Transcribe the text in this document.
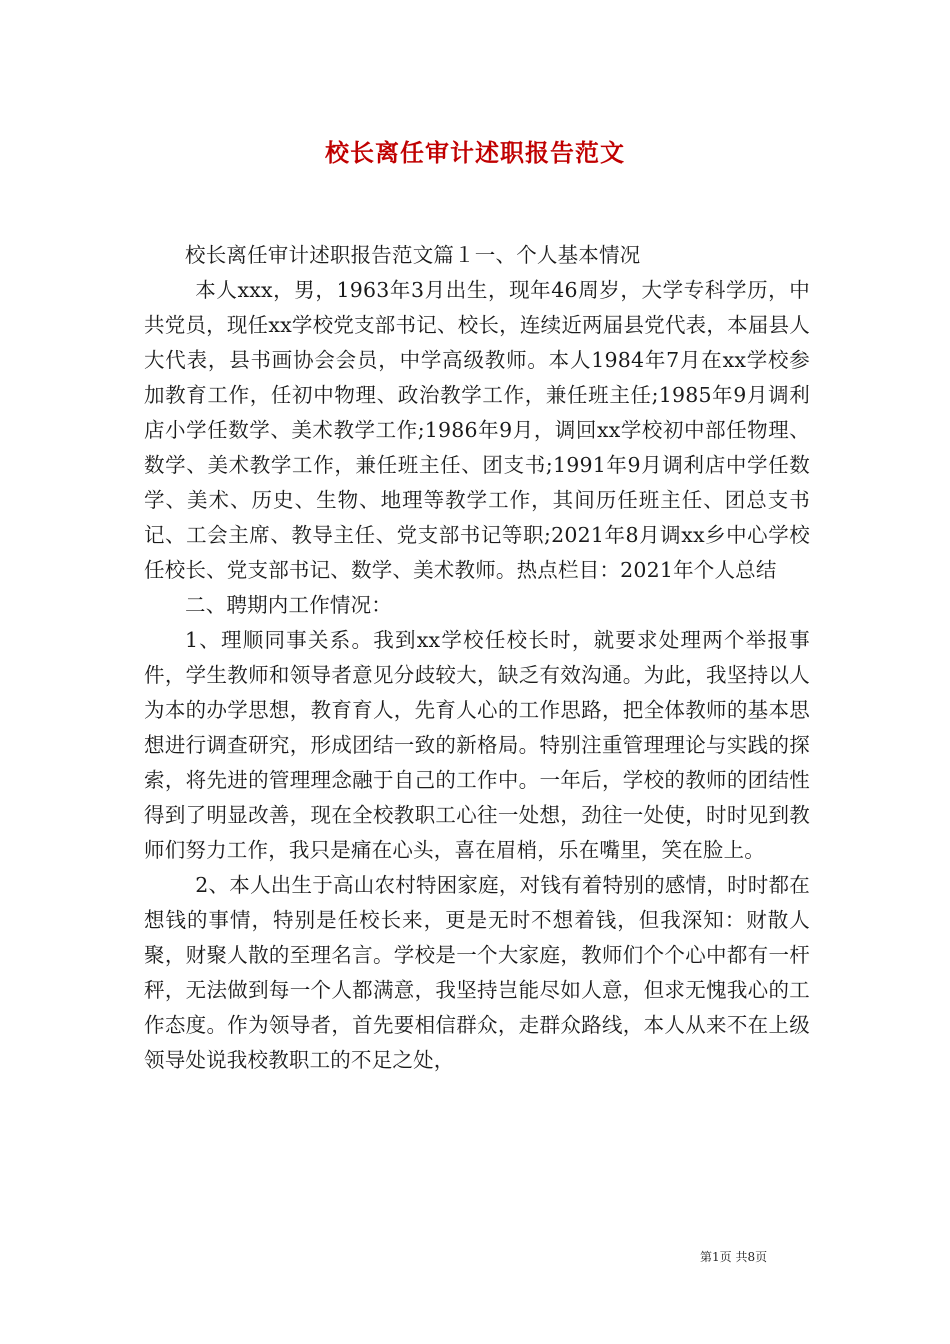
校长离任审计述职报告范文

校长离任审计述职报告范文篇１一、个人基本情况

本人xxx，男，1963年3月出生，现年46周岁，大学专科学历，中共党员，现任xx学校党支部书记、校长，连续近两届县党代表，本届县人大代表，县书画协会会员，中学高级教师。本人1984年7月在xx学校参加教育工作，任初中物理、政治教学工作，兼任班主任;1985年9月调利店小学任数学、美术教学工作;1986年9月，调回xx学校初中部任物理、数学、美术教学工作，兼任班主任、团支书;1991年9月调利店中学任数学、美术、历史、生物、地理等教学工作，其间历任班主任、团总支书记、工会主席、教导主任、党支部书记等职;2021年8月调xx乡中心学校任校长、党支部书记、数学、美术教师。热点栏目：2021年个人总结

二、聘期内工作情况：

1、理顺同事关系。我到xx学校任校长时，就要求处理两个举报事件，学生教师和领导者意见分歧较大，缺乏有效沟通。为此，我坚持以人为本的办学思想，教育育人，先育人心的工作思路，把全体教师的基本思想进行调查研究，形成团结一致的新格局。特别注重管理理论与实践的探索，将先进的管理理念融于自己的工作中。一年后，学校的教师的团结性得到了明显改善，现在全校教职工心往一处想，劲往一处使，时时见到教师们努力工作，我只是痛在心头，喜在眉梢，乐在嘴里，笑在脸上。

2、本人出生于高山农村特困家庭，对钱有着特别的感情，时时都在想钱的事情，特别是任校长来，更是无时不想着钱，但我深知：财散人聚，财聚人散的至理名言。学校是一个大家庭，教师们个个心中都有一杆秤，无法做到每一个人都满意，我坚持岂能尽如人意，但求无愧我心的工作态度。作为领导者，首先要相信群众，走群众路线，本人从来不在上级领导处说我校教职工的不足之处，

第1页 共8页
